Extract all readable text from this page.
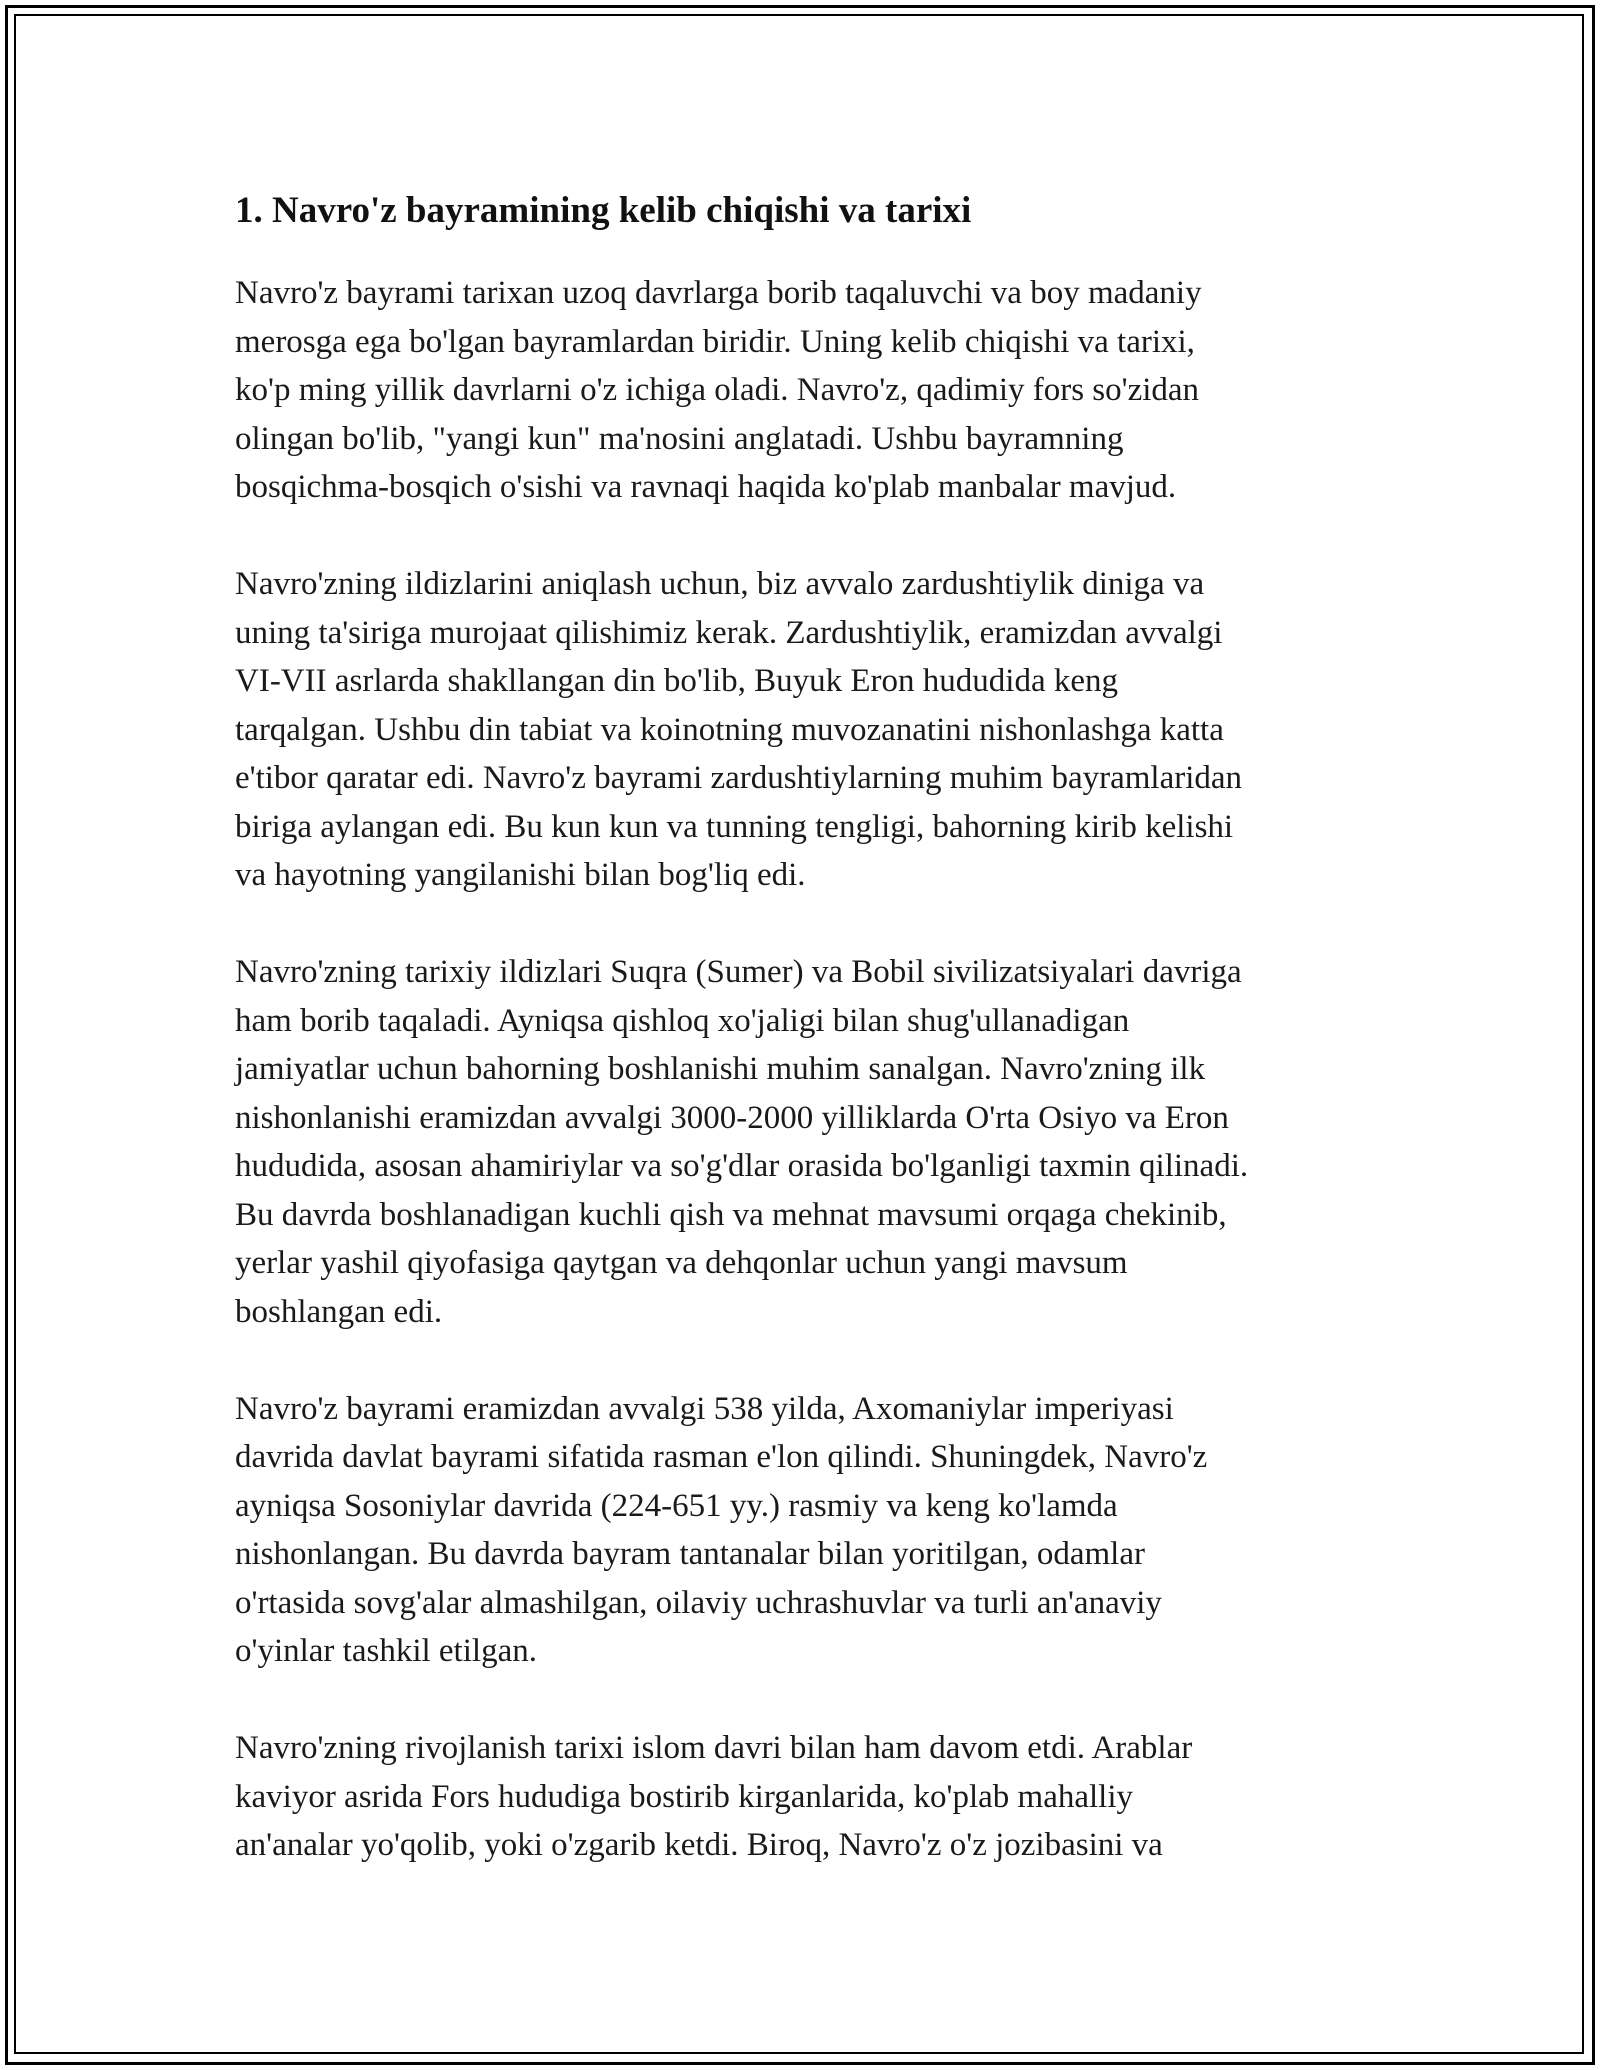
1. Navro'z bayramining kelib chiqishi va tarixi

Navro'z bayrami tarixan uzoq davrlarga borib taqaluvchi va boy madaniy
merosga ega bo'lgan bayramlardan biridir. Uning kelib chiqishi va tarixi,
ko'p ming yillik davrlarni o'z ichiga oladi. Navro'z, qadimiy fors so'zidan
olingan bo'lib, "yangi kun" ma'nosini anglatadi. Ushbu bayramning
bosqichma-bosqich o'sishi va ravnaqi haqida ko'plab manbalar mavjud.

Navro'zning ildizlarini aniqlash uchun, biz avvalo zardushtiylik diniga va
uning ta'siriga murojaat qilishimiz kerak. Zardushtiylik, eramizdan avvalgi
VI-VII asrlarda shakllangan din bo'lib, Buyuk Eron hududida keng
tarqalgan. Ushbu din tabiat va koinotning muvozanatini nishonlashga katta
e'tibor qaratar edi. Navro'z bayrami zardushtiylarning muhim bayramlaridan
biriga aylangan edi. Bu kun kun va tunning tengligi, bahorning kirib kelishi
va hayotning yangilanishi bilan bog'liq edi.

Navro'zning tarixiy ildizlari Suqra (Sumer) va Bobil sivilizatsiyalari davriga
ham borib taqaladi. Ayniqsa qishloq xo'jaligi bilan shug'ullanadigan
jamiyatlar uchun bahorning boshlanishi muhim sanalgan. Navro'zning ilk
nishonlanishi eramizdan avvalgi 3000-2000 yilliklarda O'rta Osiyo va Eron
hududida, asosan ahamiriylar va so'g'dlar orasida bo'lganligi taxmin qilinadi.
Bu davrda boshlanadigan kuchli qish va mehnat mavsumi orqaga chekinib,
yerlar yashil qiyofasiga qaytgan va dehqonlar uchun yangi mavsum
boshlangan edi.

Navro'z bayrami eramizdan avvalgi 538 yilda, Axomaniylar imperiyasi
davrida davlat bayrami sifatida rasman e'lon qilindi. Shuningdek, Navro'z
ayniqsa Sosoniylar davrida (224-651 yy.) rasmiy va keng ko'lamda
nishonlangan. Bu davrda bayram tantanalar bilan yoritilgan, odamlar
o'rtasida sovg'alar almashilgan, oilaviy uchrashuvlar va turli an'anaviy
o'yinlar tashkil etilgan.

Navro'zning rivojlanish tarixi islom davri bilan ham davom etdi. Arablar
kaviyor asrida Fors hududiga bostirib kirganlarida, ko'plab mahalliy
an'analar yo'qolib, yoki o'zgarib ketdi. Biroq, Navro'z o'z jozibasini va
